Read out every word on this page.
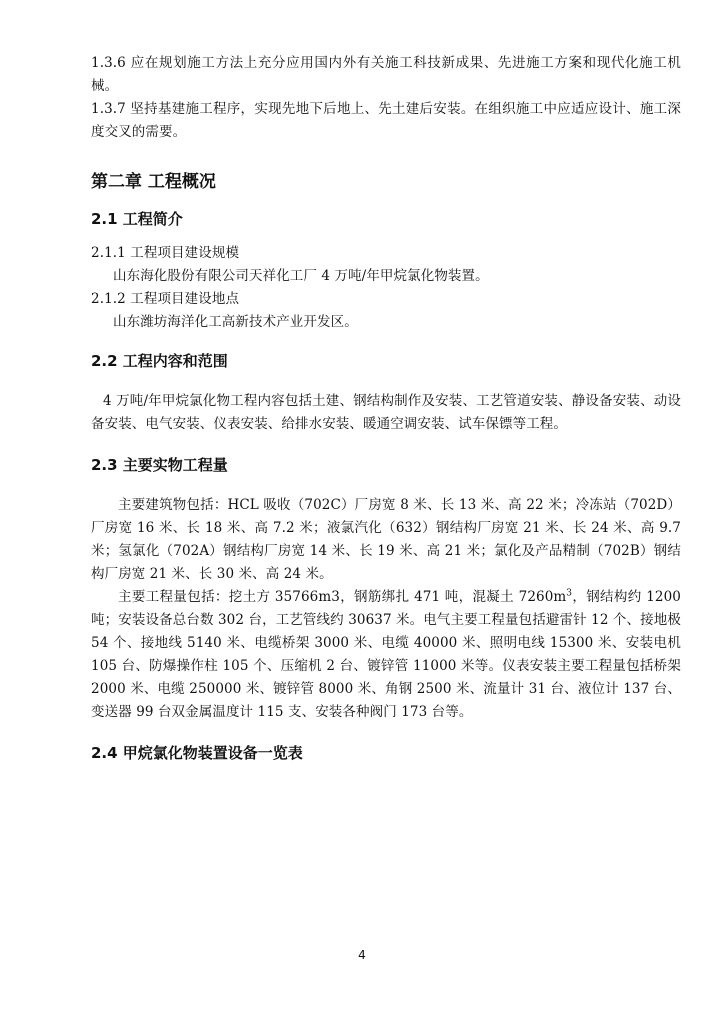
1.3.6 应在规划施工方法上充分应用国内外有关施工科技新成果、先进施工方案和现代化施工机械。

1.3.7 坚持基建施工程序，实现先地下后地上、先土建后安装。在组织施工中应适应设计、施工深度交叉的需要。

第二章 工程概况
2.1 工程简介

2.1.1 工程项目建设规模

山东海化股份有限公司天祥化工厂 4 万吨/年甲烷氯化物装置。

2.1.2 工程项目建设地点

山东潍坊海洋化工高新技术产业开发区。

2.2 工程内容和范围

4 万吨/年甲烷氯化物工程内容包括土建、钢结构制作及安装、工艺管道安装、静设备安装、动设备安装、电气安装、仪表安装、给排水安装、暖通空调安装、试车保镖等工程。

2.3 主要实物工程量

主要建筑物包括：HCL 吸收（702C）厂房宽 8 米、长 13 米、高 22 米；冷冻站（702D）厂房宽 16 米、长 18 米、高 7.2 米；液氯汽化（632）钢结构厂房宽 21 米、长 24 米、高 9.7 米；氢氯化（702A）钢结构厂房宽 14 米、长 19 米、高 21 米；氯化及产品精制（702B）钢结构厂房宽 21 米、长 30 米、高 24 米。

主要工程量包括：挖土方 35766m3，钢筋绑扎 471 吨，混凝土 $7260m^3$，钢结构约 1200 吨；安装设备总台数 302 台，工艺管线约 30637 米。电气主要工程量包括避雷针 12 个、接地极 54 个、接地线 5140 米、电缆桥架 3000 米、电缆 40000 米、照明电线 15300 米、安装电机 105 台、防爆操作柱 105 个、压缩机 2 台、镀锌管 11000 米等。仪表安装主要工程量包括桥架 2000 米、电缆 250000 米、镀锌管 8000 米、角钢 2500 米、流量计 31 台、液位计 137 台、变送器 99 台双金属温度计 115 支、安装各种阀门 173 台等。

2.4 甲烷氯化物装置设备一览表
4
